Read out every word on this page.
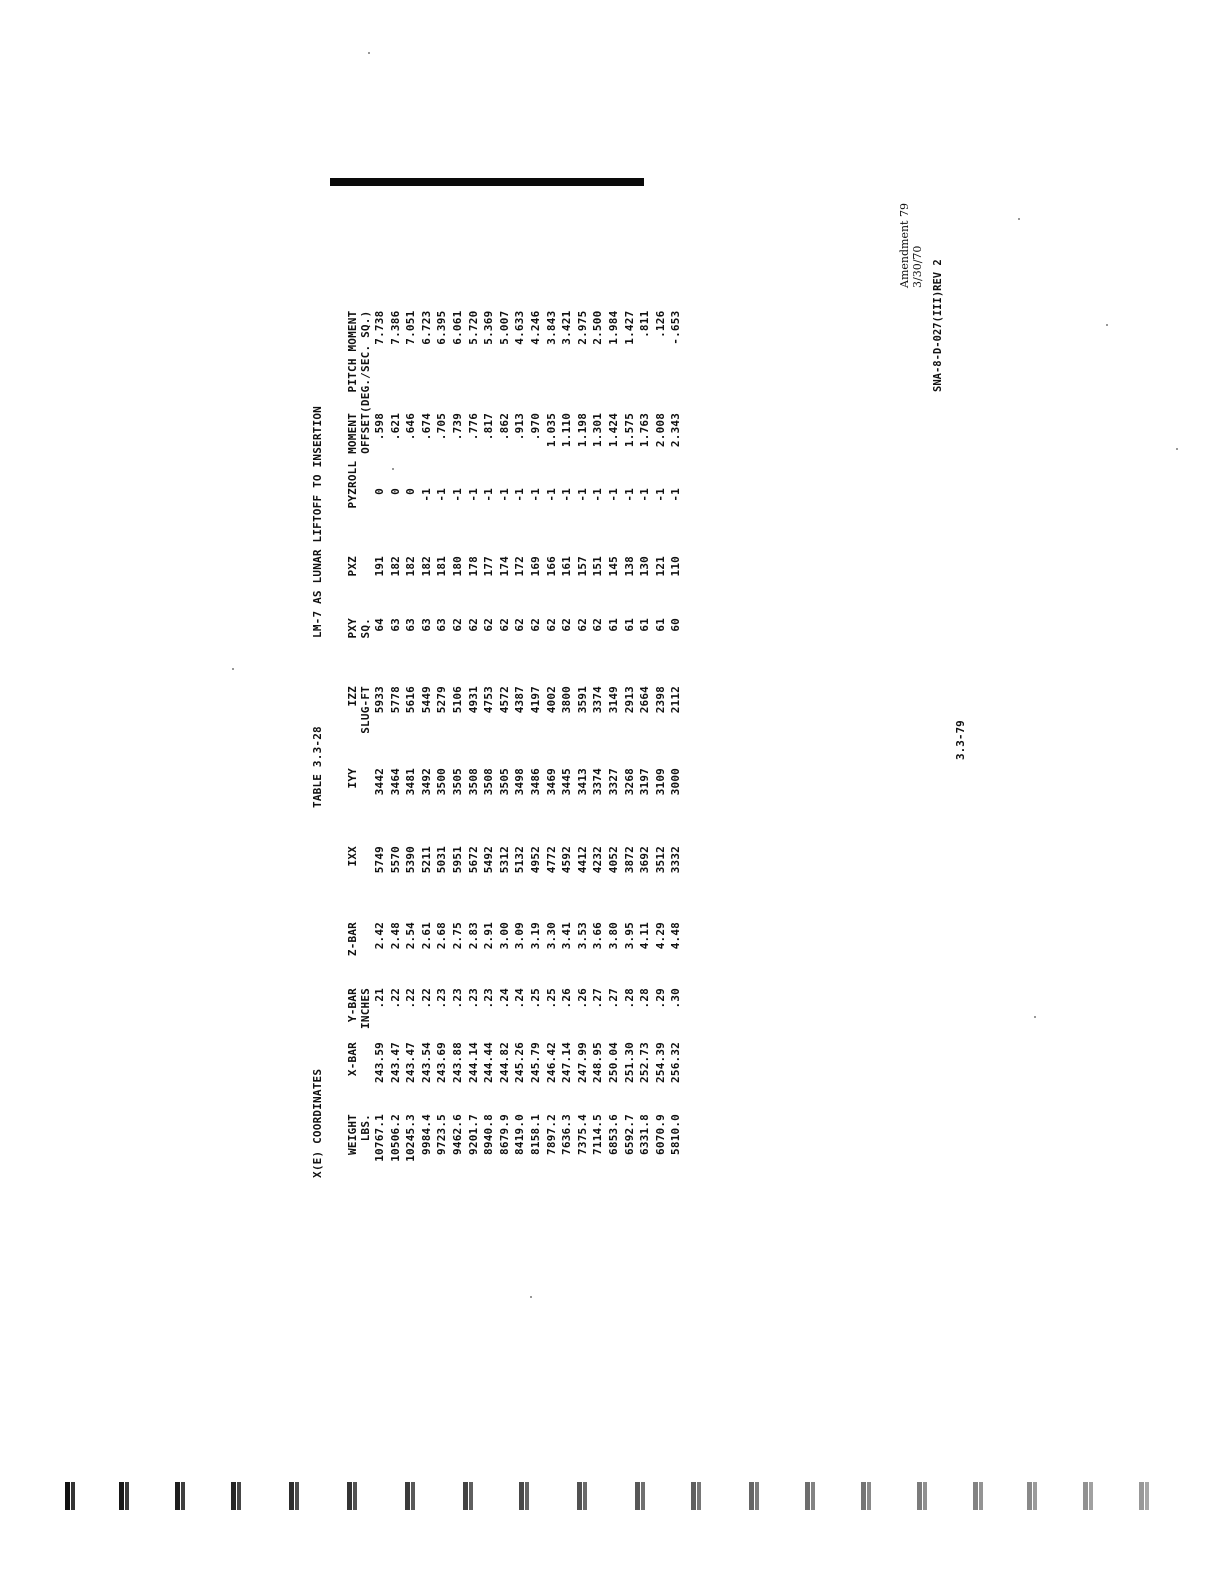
X(E) COORDINATES

TABLE 3.3-28

LM-7 AS LUNAR LIFTOFF TO INSERTION

WEIGHT	X-BAR	Y-BAR	Z-BAR	IXX	IYY	IZZ	PXY	PXZ	PYZ	ROLL MOMENT	PITCH MOMENT
LBS.		INCHES				SLUG-FT	SQ.			OFFSET	(DEG./SEC. SQ.)
10767.1	243.59	.21	2.42	5749	3442	5933	64	191	0	.598	7.738
10506.2	243.47	.22	2.48	5570	3464	5778	63	182	0	.621	7.386
10245.3	243.47	.22	2.54	5390	3481	5616	63	182	0	.646	7.051
9984.4	243.54	.22	2.61	5211	3492	5449	63	182	-1	.674	6.723
9723.5	243.69	.23	2.68	5031	3500	5279	63	181	-1	.705	6.395
9462.6	243.88	.23	2.75	5951	3505	5106	62	180	-1	.739	6.061
9201.7	244.14	.23	2.83	5672	3508	4931	62	178	-1	.776	5.720
8940.8	244.44	.23	2.91	5492	3508	4753	62	177	-1	.817	5.369
8679.9	244.82	.24	3.00	5312	3505	4572	62	174	-1	.862	5.007
8419.0	245.26	.24	3.09	5132	3498	4387	62	172	-1	.913	4.633
8158.1	245.79	.25	3.19	4952	3486	4197	62	169	-1	.970	4.246
7897.2	246.42	.25	3.30	4772	3469	4002	62	166	-1	1.035	3.843
7636.3	247.14	.26	3.41	4592	3445	3800	62	161	-1	1.110	3.421
7375.4	247.99	.26	3.53	4412	3413	3591	62	157	-1	1.198	2.975
7114.5	248.95	.27	3.66	4232	3374	3374	62	151	-1	1.301	2.500
6853.6	250.04	.27	3.80	4052	3327	3149	61	145	-1	1.424	1.984
6592.7	251.30	.28	3.95	3872	3268	2913	61	138	-1	1.575	1.427
6331.8	252.73	.28	4.11	3692	3197	2664	61	130	-1	1.763	.811
6070.9	254.39	.29	4.29	3512	3109	2398	61	121	-1	2.008	.126
5810.0	256.32	.30	4.48	3332	3000	2112	60	110	-1	2.343	-.653
Amendment 79
3/30/70 SNA-8-D-027(III)REV 2
3.3-79
